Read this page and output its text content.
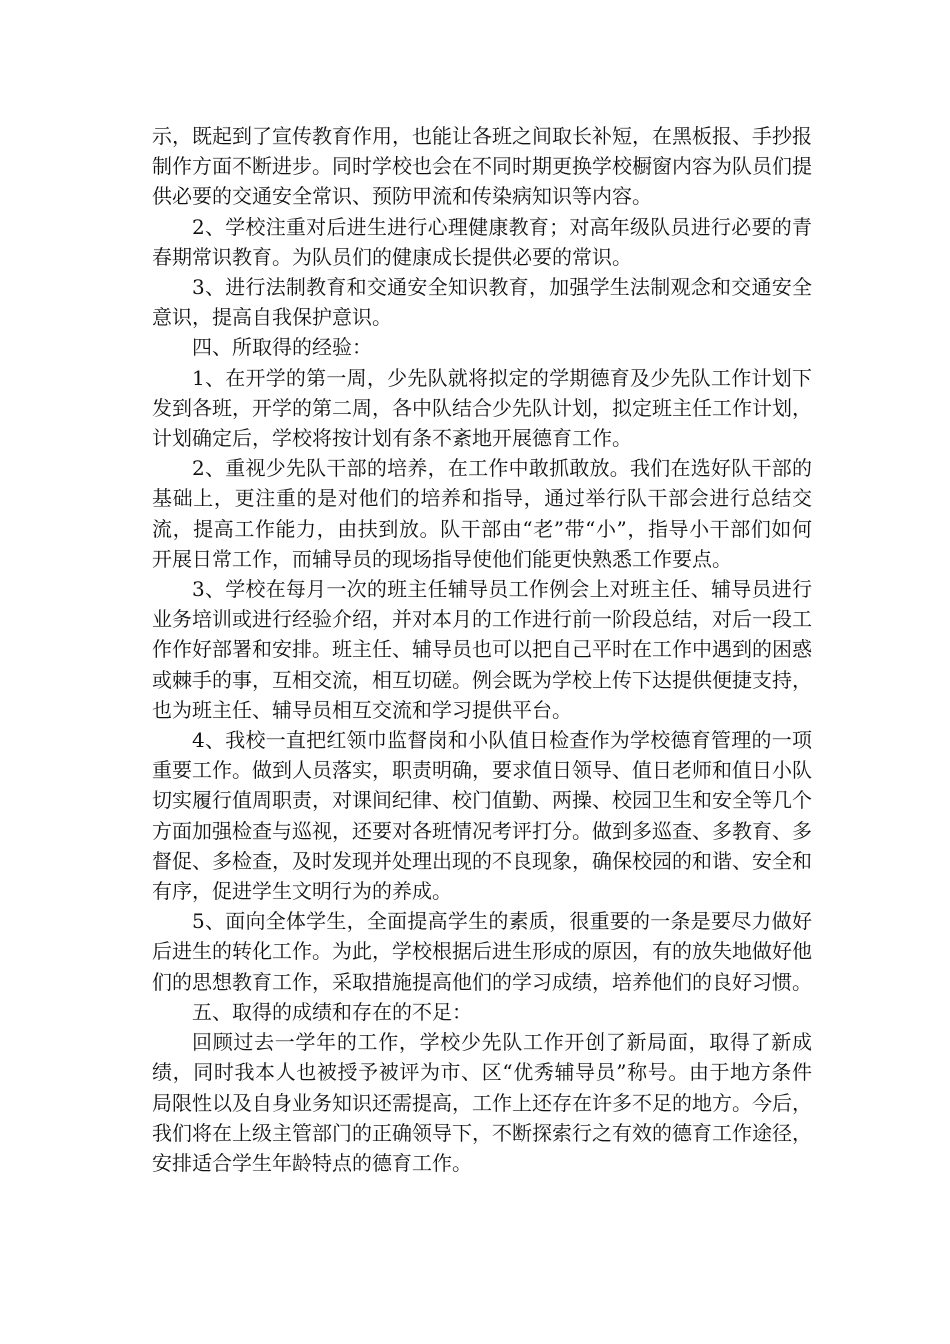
示，既起到了宣传教育作用，也能让各班之间取长补短，在黑板报、手抄报制作方面不断进步。同时学校也会在不同时期更换学校橱窗内容为队员们提供必要的交通安全常识、预防甲流和传染病知识等内容。

2、学校注重对后进生进行心理健康教育；对高年级队员进行必要的青春期常识教育。为队员们的健康成长提供必要的常识。

3、进行法制教育和交通安全知识教育，加强学生法制观念和交通安全意识，提高自我保护意识。

四、所取得的经验：

1、在开学的第一周，少先队就将拟定的学期德育及少先队工作计划下发到各班，开学的第二周，各中队结合少先队计划，拟定班主任工作计划，计划确定后，学校将按计划有条不紊地开展德育工作。

2、重视少先队干部的培养，在工作中敢抓敢放。我们在选好队干部的基础上，更注重的是对他们的培养和指导，通过举行队干部会进行总结交流，提高工作能力，由扶到放。队干部由“老”带“小”，指导小干部们如何开展日常工作，而辅导员的现场指导使他们能更快熟悉工作要点。

3、学校在每月一次的班主任辅导员工作例会上对班主任、辅导员进行业务培训或进行经验介绍，并对本月的工作进行前一阶段总结，对后一段工作作好部署和安排。班主任、辅导员也可以把自己平时在工作中遇到的困惑或棘手的事，互相交流，相互切磋。例会既为学校上传下达提供便捷支持，也为班主任、辅导员相互交流和学习提供平台。

4、我校一直把红领巾监督岗和小队值日检查作为学校德育管理的一项重要工作。做到人员落实，职责明确，要求值日领导、值日老师和值日小队切实履行值周职责，对课间纪律、校门值勤、两操、校园卫生和安全等几个方面加强检查与巡视，还要对各班情况考评打分。做到多巡查、多教育、多督促、多检查，及时发现并处理出现的不良现象，确保校园的和谐、安全和有序，促进学生文明行为的养成。

5、面向全体学生，全面提高学生的素质，很重要的一条是要尽力做好后进生的转化工作。为此，学校根据后进生形成的原因，有的放失地做好他们的思想教育工作，采取措施提高他们的学习成绩，培养他们的良好习惯。

五、取得的成绩和存在的不足：

回顾过去一学年的工作，学校少先队工作开创了新局面，取得了新成绩，同时我本人也被授予被评为市、区“优秀辅导员”称号。由于地方条件局限性以及自身业务知识还需提高，工作上还存在许多不足的地方。今后，我们将在上级主管部门的正确领导下，不断探索行之有效的德育工作途径，安排适合学生年龄特点的德育工作。
